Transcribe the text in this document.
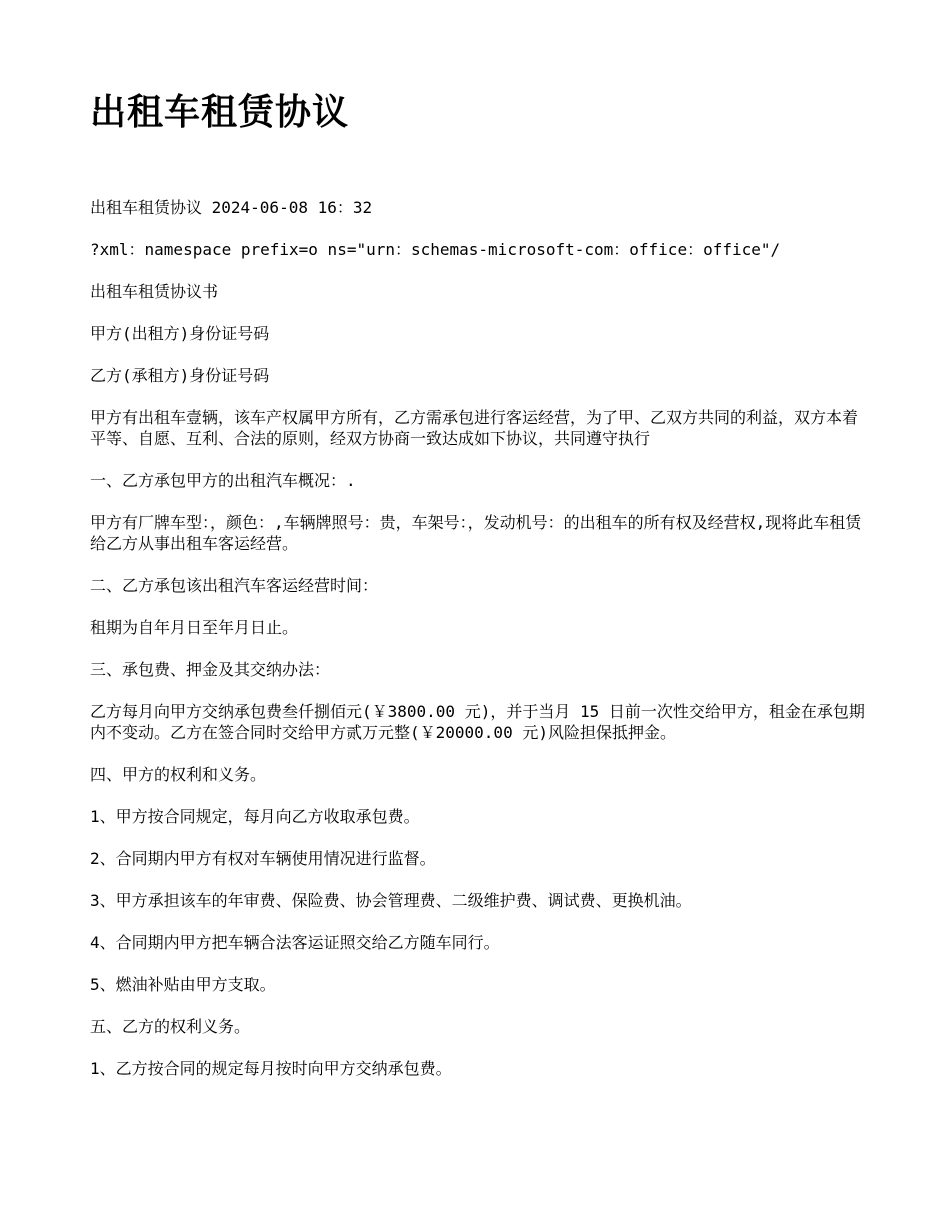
出租车租赁协议

出租车租赁协议 2024-06-08 16：32

?xml：namespace prefix=o ns="urn：schemas-microsoft-com：office：office"/

出租车租赁协议书

甲方(出租方)身份证号码

乙方(承租方)身份证号码

甲方有出租车壹辆，该车产权属甲方所有，乙方需承包进行客运经营，为了甲、乙双方共同的利益，双方本着平等、自愿、互利、合法的原则，经双方协商一致达成如下协议，共同遵守执行

一、乙方承包甲方的出租汽车概况：.

甲方有厂牌车型：，颜色：,车辆牌照号：贵，车架号：，发动机号：的出租车的所有权及经营权,现将此车租赁给乙方从事出租车客运经营。

二、乙方承包该出租汽车客运经营时间：

租期为自年月日至年月日止。

三、承包费、押金及其交纳办法：

乙方每月向甲方交纳承包费叁仟捌佰元(￥3800.00 元)，并于当月 15 日前一次性交给甲方，租金在承包期内不变动。乙方在签合同时交给甲方贰万元整(￥20000.00 元)风险担保抵押金。

四、甲方的权利和义务。

1、甲方按合同规定，每月向乙方收取承包费。

2、合同期内甲方有权对车辆使用情况进行监督。

3、甲方承担该车的年审费、保险费、协会管理费、二级维护费、调试费、更换机油。

4、合同期内甲方把车辆合法客运证照交给乙方随车同行。

5、燃油补贴由甲方支取。

五、乙方的权利义务。

1、乙方按合同的规定每月按时向甲方交纳承包费。
